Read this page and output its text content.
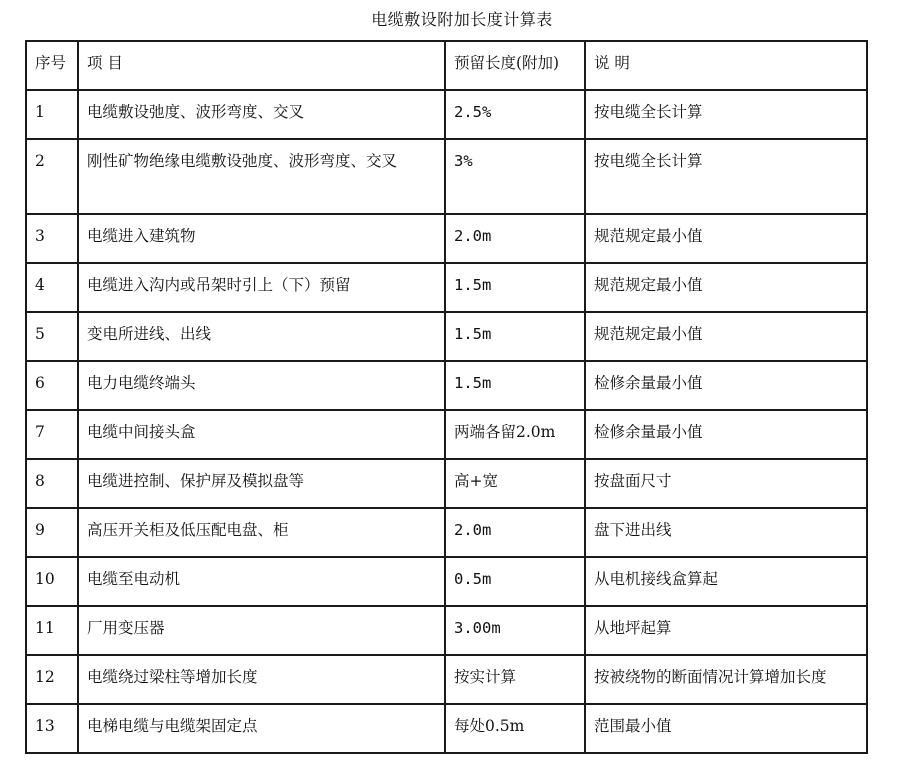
电缆敷设附加长度计算表
序号	项 目	预留长度(附加)	说 明
1	电缆敷设弛度、波形弯度、交叉	2.5%	按电缆全长计算
2	刚性矿物绝缘电缆敷设弛度、波形弯度、交叉	3%	按电缆全长计算
3	电缆进入建筑物	2.0m	规范规定最小值
4	电缆进入沟内或吊架时引上（下）预留	1.5m	规范规定最小值
5	变电所进线、出线	1.5m	规范规定最小值
6	电力电缆终端头	1.5m	检修余量最小值
7	电缆中间接头盒	两端各留2.0m	检修余量最小值
8	电缆进控制、保护屏及模拟盘等	高+宽	按盘面尺寸
9	高压开关柜及低压配电盘、柜	2.0m	盘下进出线
10	电缆至电动机	0.5m	从电机接线盒算起
11	厂用变压器	3.00m	从地坪起算
12	电缆绕过梁柱等增加长度	按实计算	按被绕物的断面情况计算增加长度
13	电梯电缆与电缆架固定点	每处0.5m	范围最小值
